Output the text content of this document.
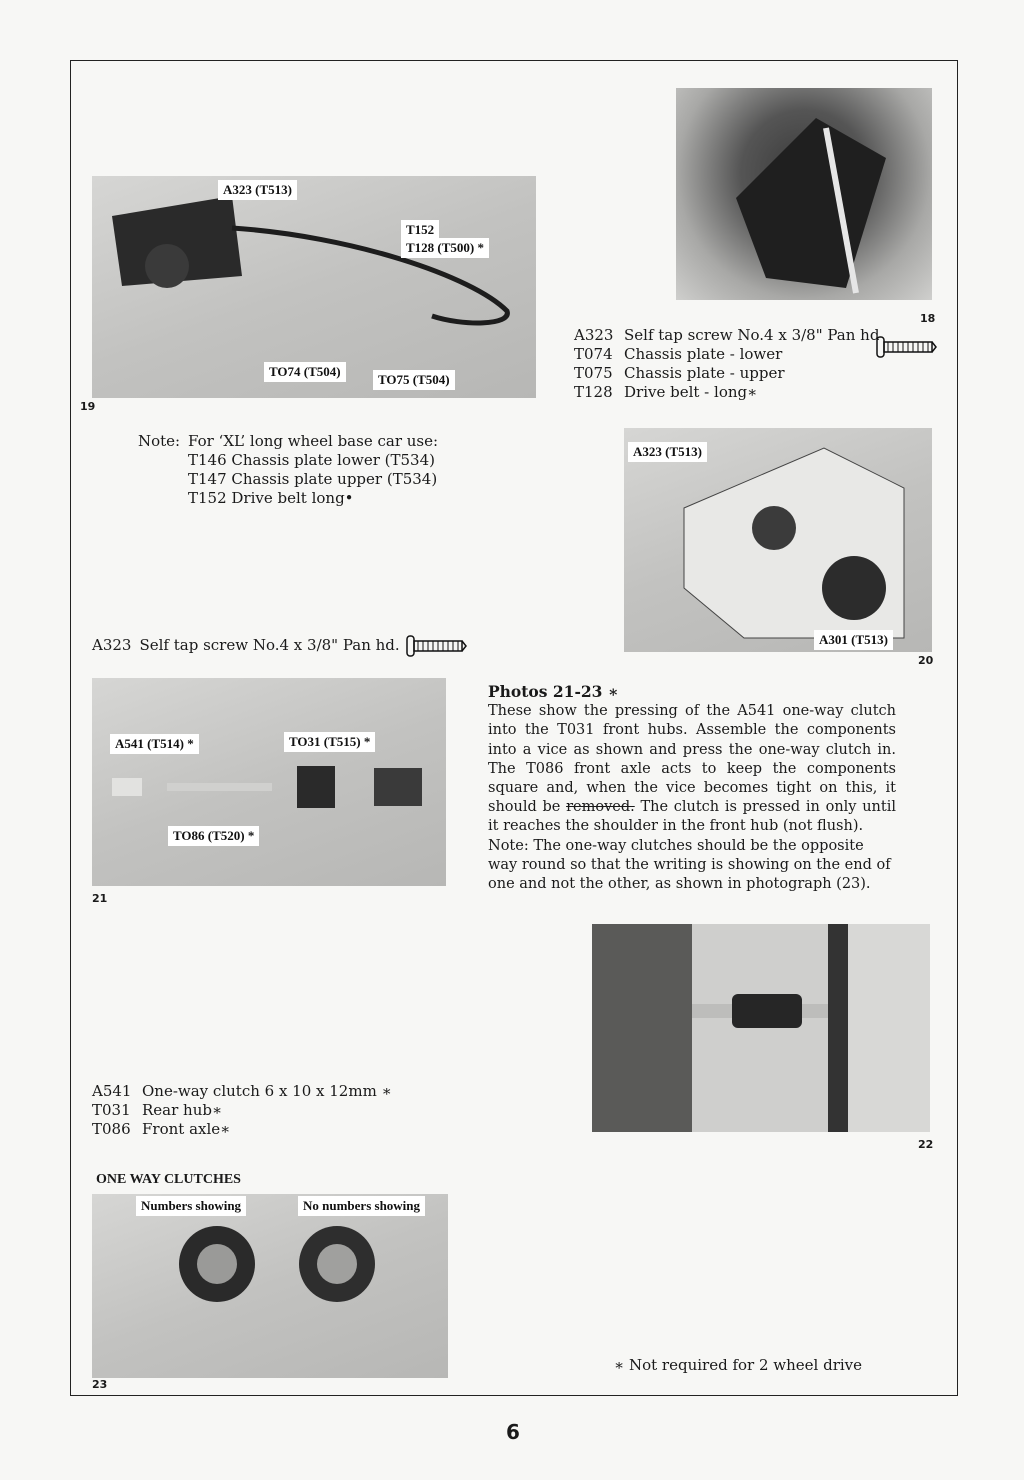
A323 (T513)
T152
T128 (T500) *
TO74 (T504)
TO75 (T504)
19
18
A323 Self tap screw No.4 x 3/8" Pan hd
T074 Chassis plate - lower
T075 Chassis plate - upper
T128 Drive belt - long∗
Note: For ‘XL’ long wheel base car use:
T146 Chassis plate lower (T534)
T147 Chassis plate upper (T534)
T152 Drive belt long•
A323 (T513)
A301 (T513)
20
A323 Self tap screw No.4 x 3/8" Pan hd.
A541 (T514) *	TO31 (T515) *
TO86 (T520) *
21
Photos 21-23 ∗
These show the pressing of the A541 one-way clutch into the T031 front hubs. Assemble the components into a vice as shown and press the one-way clutch in. The T086 front axle acts to keep the components square and, when the vice becomes tight on this, it should be removed. The clutch is pressed in only until it reaches the shoulder in the front hub (not flush).
Note: The one-way clutches should be the opposite way round so that the writing is showing on the end of one and not the other, as shown in photograph (23).
22
A541 One-way clutch 6 x 10 x 12mm ∗
T031 Rear hub∗
T086 Front axle∗
ONE WAY CLUTCHES
Numbers showing	No numbers showing
23
∗ Not required for 2 wheel drive
6
